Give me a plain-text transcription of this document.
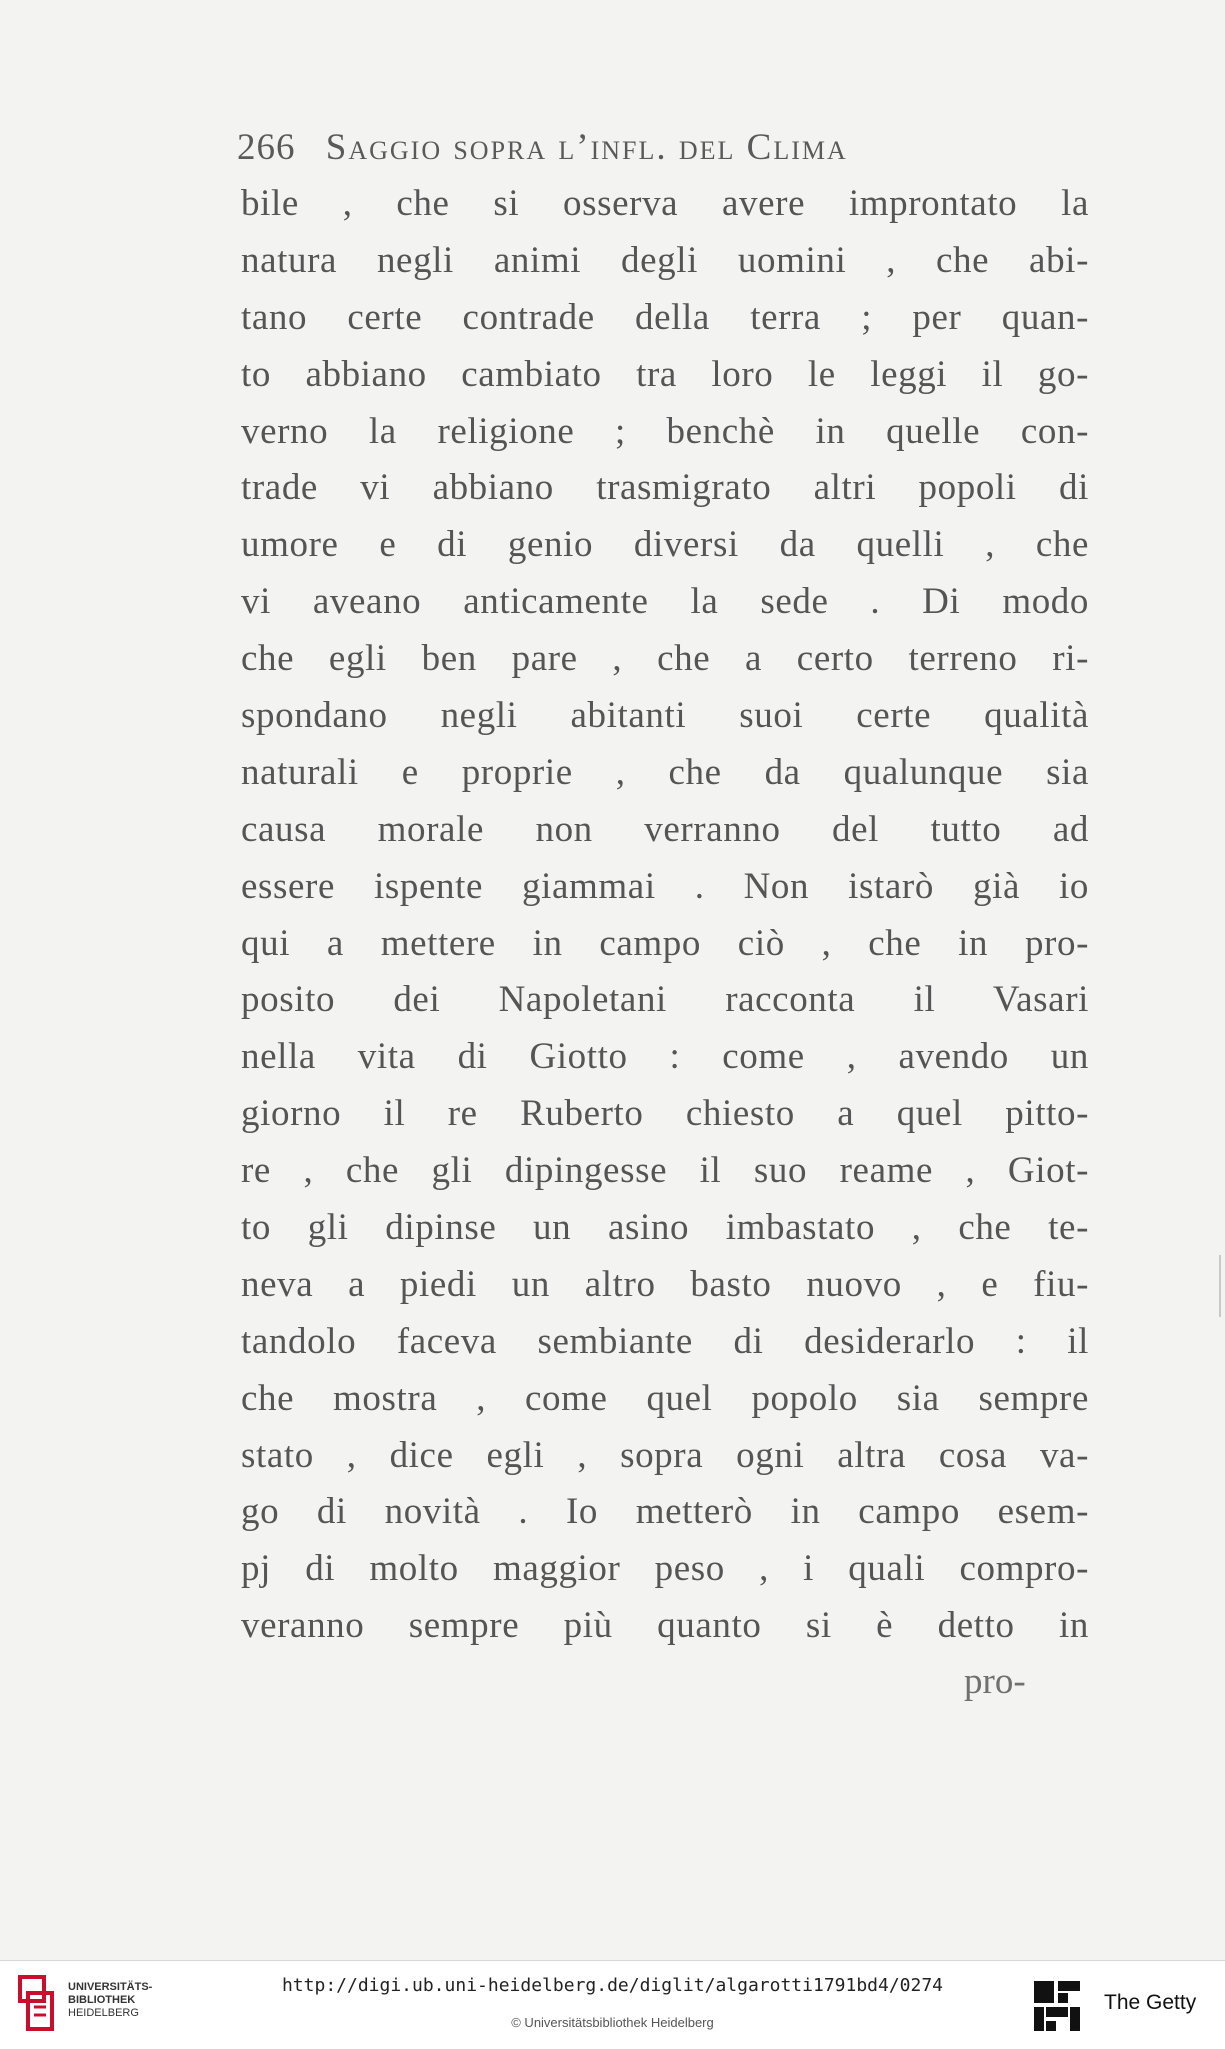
266 Saggio sopra l’infl. del Clima
bile , che si osserva avere improntato la
natura negli animi degli uomini , che abi-
tano certe contrade della terra ; per quan-
to abbiano cambiato tra loro le leggi il go-
verno la religione ; benchè in quelle con-
trade vi abbiano trasmigrato altri popoli di
umore e di genio diversi da quelli , che
vi aveano anticamente la sede . Di modo
che egli ben pare , che a certo terreno ri-
spondano negli abitanti suoi certe qualità
naturali e proprie , che da qualunque sia
causa morale non verranno del tutto ad
essere ispente giammai . Non istarò già io
qui a mettere in campo ciò , che in pro-
posito dei Napoletani racconta il Vasari
nella vita di Giotto : come , avendo un
giorno il re Ruberto chiesto a quel pitto-
re , che gli dipingesse il suo reame , Giot-
to gli dipinse un asino imbastato , che te-
neva a piedi un altro basto nuovo , e fiu-
tandolo faceva sembiante di desiderarlo : il
che mostra , come quel popolo sia sempre
stato , dice egli , sopra ogni altra cosa va-
go di novità . Io metterò in campo esem-
pj di molto maggior peso , i quali compro-
veranno sempre più quanto si è detto in
pro-
UNIVERSITÄTS-
BIBLIOTHEK
HEIDELBERG
http://digi.ub.uni-heidelberg.de/diglit/algarotti1791bd4/0274
© Universitätsbibliothek Heidelberg
The Getty
